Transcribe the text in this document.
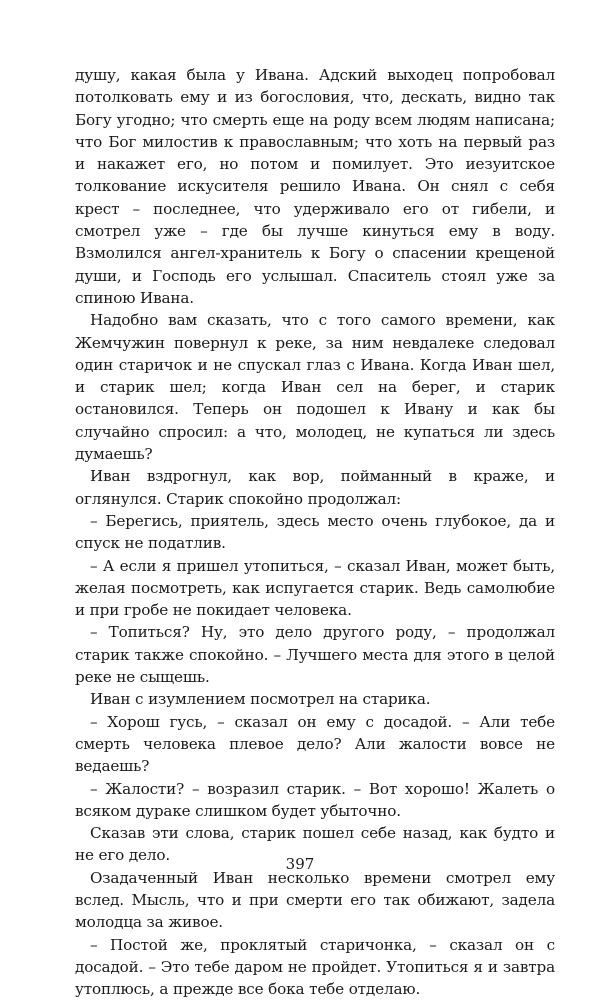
душу, какая была у Ивана. Адский выходец попробовал потолковать ему и из богословия, что, дескать, видно так Богу угодно; что смерть еще на роду всем людям написана; что Бог милостив к православным; что хоть на первый раз и накажет его, но потом и помилует. Это иезуитское толкование искусителя решило Ивана. Он снял с себя крест – последнее, что удерживало его от гибели, и смотрел уже – где бы лучше кинуться ему в воду. Взмолился ангел-хранитель к Богу о спасении крещеной души, и Господь его услышал. Спаситель стоял уже за спиною Ивана.

Надобно вам сказать, что с того самого времени, как Жемчужин повернул к реке, за ним невдалеке следовал один старичок и не спускал глаз с Ивана. Когда Иван шел, и старик шел; когда Иван сел на берег, и старик остановился. Теперь он подошел к Ивану и как бы случайно спросил: а что, молодец, не купаться ли здесь думаешь?

Иван вздрогнул, как вор, пойманный в краже, и оглянулся. Старик спокойно продолжал:

– Берегись, приятель, здесь место очень глубокое, да и спуск не податлив.

– А если я пришел утопиться, – сказал Иван, может быть, желая посмотреть, как испугается старик. Ведь самолюбие и при гробе не покидает человека.

– Топиться? Ну, это дело другого роду, – продолжал старик также спокойно. – Лучшего места для этого в целой реке не сыщешь.

Иван с изумлением посмотрел на старика.

– Хорош гусь, – сказал он ему с досадой. – Али тебе смерть человека плевое дело? Али жалости вовсе не ведаешь?

– Жалости? – возразил старик. – Вот хорошо! Жалеть о всяком дураке слишком будет убыточно.

Сказав эти слова, старик пошел себе назад, как будто и не его дело.

Озадаченный Иван несколько времени смотрел ему вслед. Мысль, что и при смерти его так обижают, задела молодца за живое.

– Постой же, проклятый старичонка, – сказал он с досадой. – Это тебе даром не пройдет. Утопиться я и завтра утоплюсь, а прежде все бока тебе отделаю.

397
